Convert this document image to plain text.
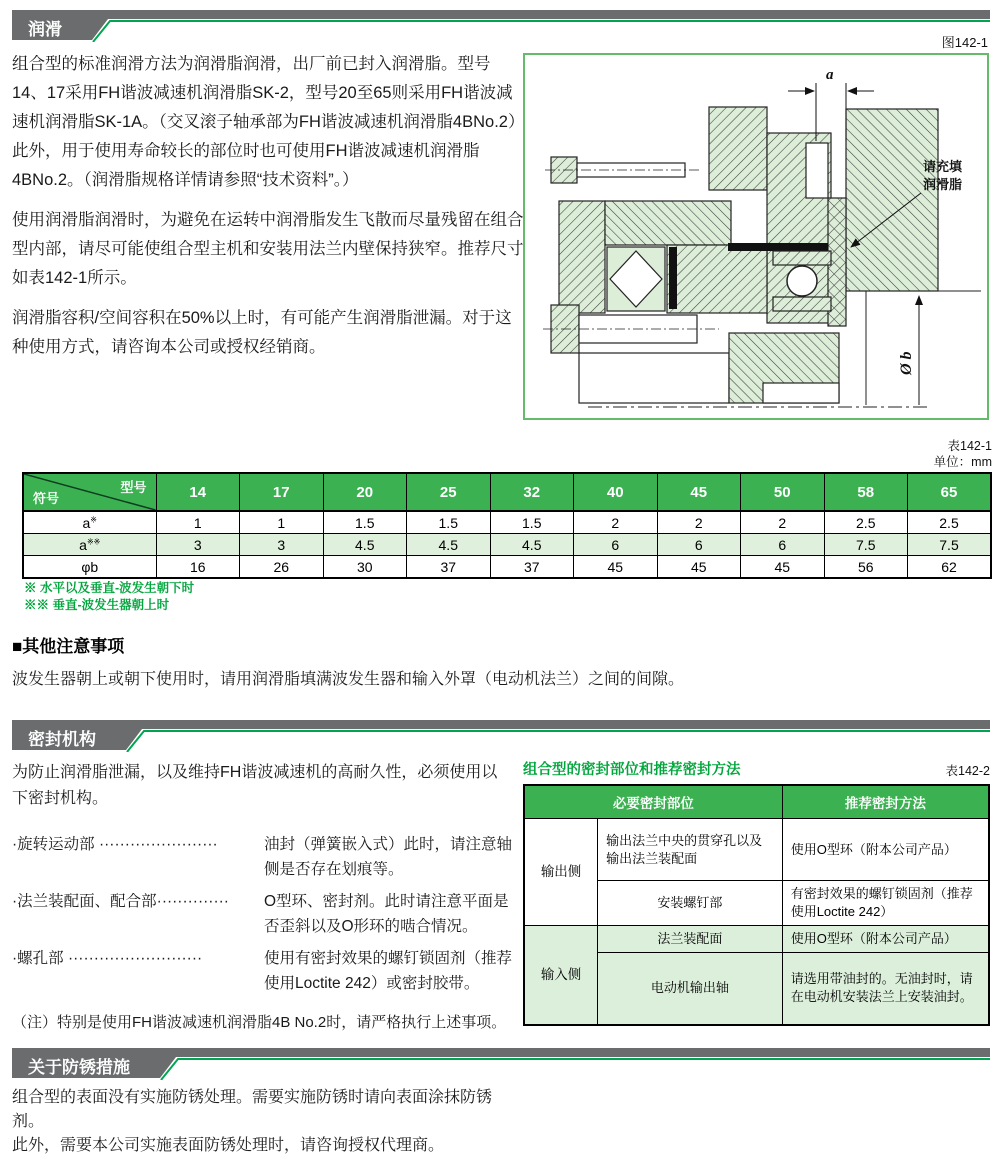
润滑

组合型的标准润滑方法为润滑脂润滑，出厂前已封入润滑脂。型号14、17采用FH谐波减速机润滑脂SK-2，型号20至65则采用FH谐波减速机润滑脂SK-1A。（交叉滚子轴承部为FH谐波减速机润滑脂4BNo.2）此外，用于使用寿命较长的部位时也可使用FH谐波减速机润滑脂4BNo.2。（润滑脂规格详情请参照“技术资料”。）

使用润滑脂润滑时，为避免在运转中润滑脂发生飞散而尽量残留在组合型内部，请尽可能使组合型主机和安装用法兰内壁保持狭窄。推荐尺寸如表142-1所示。

润滑脂容积/空间容积在50%以上时，有可能产生润滑脂泄漏。对于这种使用方式，请咨询本公司或授权经销商。

图142-1
a
请充填
润滑脂
Ø b
表142-1
单位：mm
型号
符号	14	17	20	25	32	40	45	50	58	65
a※	1	1	1.5	1.5	1.5	2	2	2	2.5	2.5
a※※	3	3	4.5	4.5	4.5	6	6	6	7.5	7.5
φb	16	26	30	37	37	45	45	45	56	62
※ 水平以及垂直-波发生朝下时
※※ 垂直-波发生器朝上时
■其他注意事项

波发生器朝上或朝下使用时，请用润滑脂填满波发生器和输入外罩（电动机法兰）之间的间隙。

密封机构

为防止润滑脂泄漏，以及维持FH谐波减速机的高耐久性，必须使用以下密封机构。

·旋转运动部 ·······················	油封（弹簧嵌入式）此时，请注意轴侧是否存在划痕等。
·法兰装配面、配合部··············	O型环、密封剂。此时请注意平面是否歪斜以及O形环的啮合情况。
·螺孔部 ··························	使用有密封效果的螺钉锁固剂（推荐使用Loctite 242）或密封胶带。

（注）特别是使用FH谐波减速机润滑脂4B No.2时，请严格执行上述事项。

组合型的密封部位和推荐密封方法	表142-2
必要密封部位		推荐密封方法
输出侧	输出法兰中央的贯穿孔以及输出法兰装配面	使用O型环（附本公司产品）
	安装螺钉部	有密封效果的螺钉锁固剂（推荐使用Loctite 242）
输入侧	法兰装配面	使用O型环（附本公司产品）
	电动机输出轴	请选用带油封的。无油封时，请在电动机安装法兰上安装油封。
关于防锈措施

组合型的表面没有实施防锈处理。需要实施防锈时请向表面涂抹防锈剂。

此外，需要本公司实施表面防锈处理时，请咨询授权代理商。
